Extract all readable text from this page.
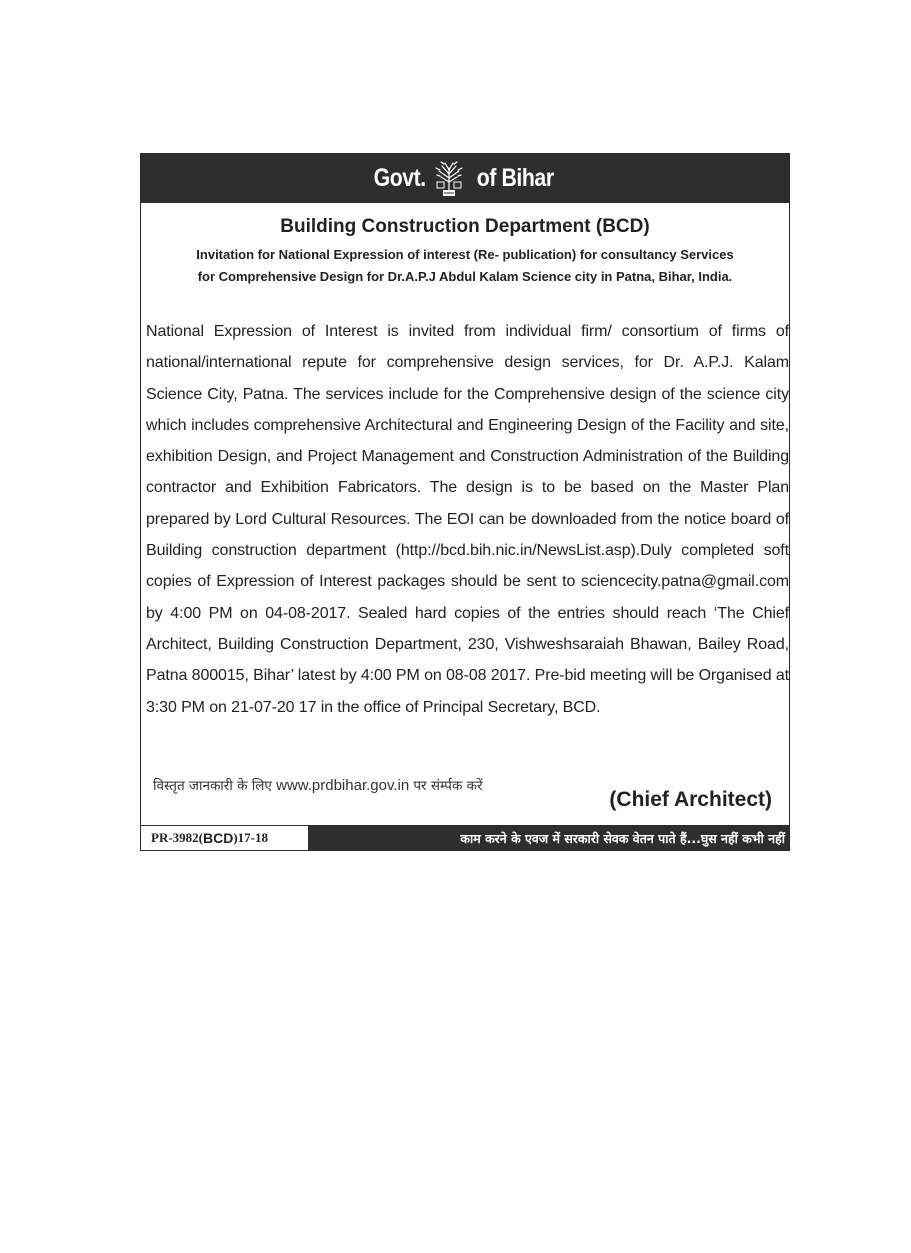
Govt. of Bihar
Building Construction Department (BCD)
Invitation for National Expression of interest (Re- publication) for consultancy Services
for Comprehensive Design for Dr.A.P.J Abdul Kalam Science city in Patna, Bihar, India.
National Expression of Interest is invited from individual firm/ consortium of firms of national/international repute for comprehensive design services, for Dr. A.P.J. Kalam Science City, Patna. The services include for the Comprehensive design of the science city which includes comprehensive Architectural and Engineering Design of the Facility and site, exhibition Design, and Project Management and Construction Administration of the Building contractor and Exhibition Fabricators. The design is to be based on the Master Plan prepared by Lord Cultural Resources. The EOI can be downloaded from the notice board of Building construction department (http://bcd.bih.nic.in/NewsList.asp).Duly completed soft copies of Expression of Interest packages should be sent to sciencecity.patna@gmail.com by 4:00 PM on 04-08-2017. Sealed hard copies of the entries should reach ‘The Chief Architect, Building Construction Department, 230, Vishweshsaraiah Bhawan, Bailey Road, Patna 800015, Bihar’ latest by 4:00 PM on 08-08 2017. Pre-bid meeting will be Organised at 3:30 PM on 21-07-20 17 in the office of Principal Secretary, BCD.
विस्तृत जानकारी के लिए www.prdbihar.gov.in पर संर्म्पक करें
(Chief Architect)
PR-3982( BCD )17-18	काम करने के एवज में सरकारी सेवक वेतन पाते हैं...घुस नहीं कभी नहीं
